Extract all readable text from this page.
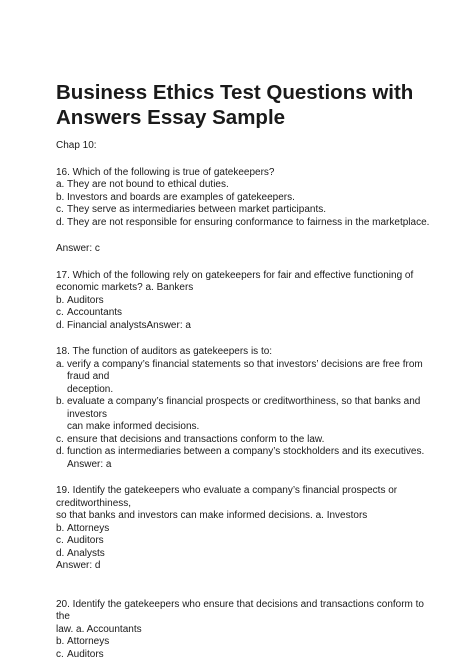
Business Ethics Test Questions with
Answers Essay Sample
Chap 10:
16. Which of the following is true of gatekeepers?
a. They are not bound to ethical duties.
b. Investors and boards are examples of gatekeepers.
c. They serve as intermediaries between market participants.
d. They are not responsible for ensuring conformance to fairness in the marketplace.
Answer: c
17. Which of the following rely on gatekeepers for fair and effective functioning of
economic markets? a. Bankers
b. Auditors
c. Accountants
d. Financial analystsAnswer: a
18. The function of auditors as gatekeepers is to:
a. verify a company’s financial statements so that investors’ decisions are free from fraud and
deception.
b. evaluate a company’s financial prospects or creditworthiness, so that banks and investors
can make informed decisions.
c. ensure that decisions and transactions conform to the law.
d. function as intermediaries between a company’s stockholders and its executives. Answer: a
19. Identify the gatekeepers who evaluate a company’s financial prospects or creditworthiness,
so that banks and investors can make informed decisions. a. Investors
b. Attorneys
c. Auditors
d. Analysts
Answer: d
20. Identify the gatekeepers who ensure that decisions and transactions conform to the
law. a. Accountants
b. Attorneys
c. Auditors
